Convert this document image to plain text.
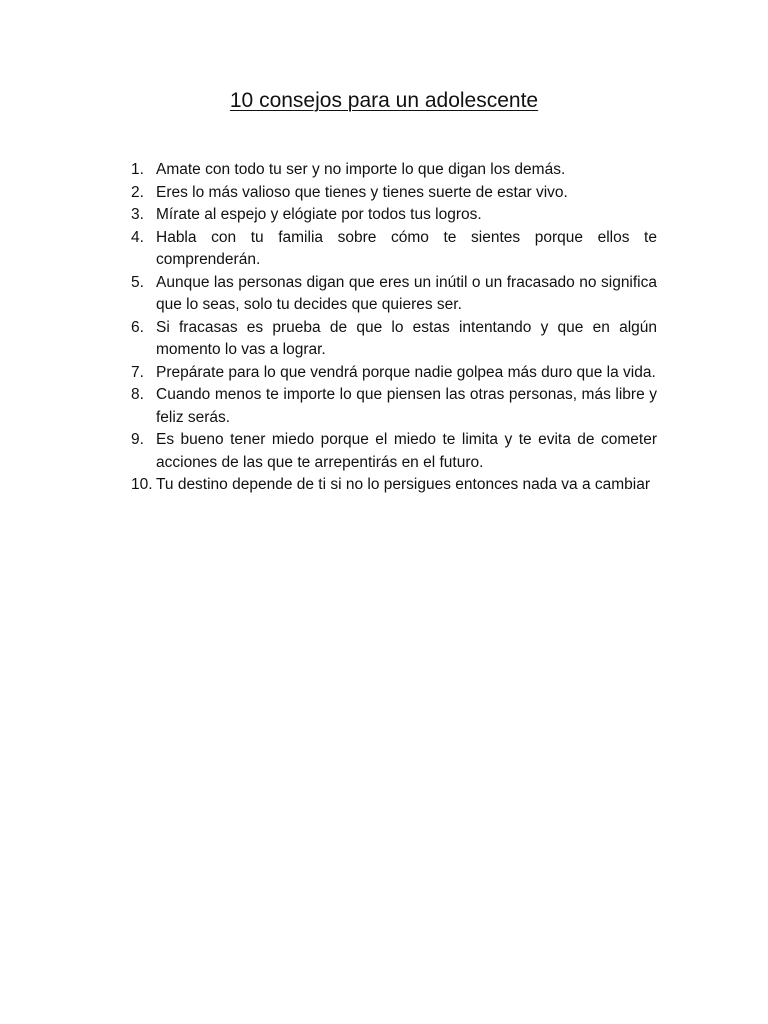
10 consejos para un adolescente
1. Amate con todo tu ser y no importe lo que digan los demás.
2. Eres lo más valioso que tienes y tienes suerte de estar vivo.
3. Mírate al espejo y elógiate por todos tus logros.
4. Habla con tu familia sobre cómo te sientes porque ellos te comprenderán.
5. Aunque las personas digan que eres un inútil o un fracasado no significa que lo seas, solo tu decides que quieres ser.
6. Si fracasas es prueba de que lo estas intentando y que en algún momento lo vas a lograr.
7. Prepárate para lo que vendrá porque nadie golpea más duro que la vida.
8. Cuando menos te importe lo que piensen las otras personas, más libre y feliz serás.
9. Es bueno tener miedo porque el miedo te limita y te evita de cometer acciones de las que te arrepentirás en el futuro.
10. Tu destino depende de ti si no lo persigues entonces nada va a cambiar
